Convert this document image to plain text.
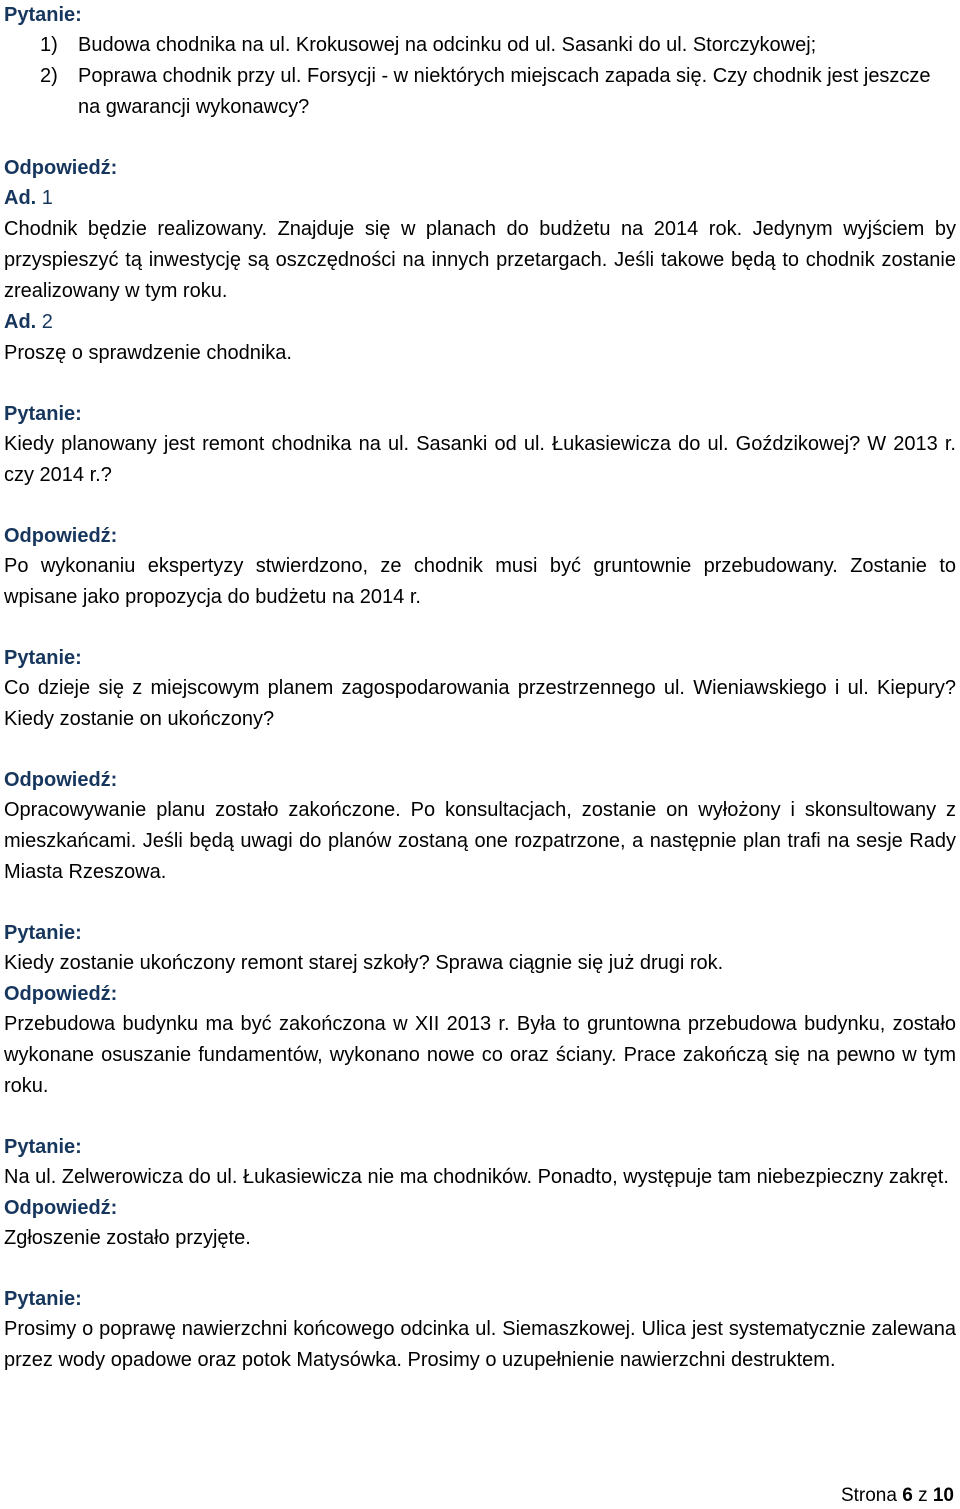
Pytanie:
1) Budowa chodnika na ul. Krokusowej na odcinku od ul. Sasanki do ul. Storczykowej;
2) Poprawa chodnik przy ul. Forsycji - w niektórych miejscach zapada się. Czy chodnik jest jeszcze na gwarancji wykonawcy?
Odpowiedź:
Ad. 1

Chodnik będzie realizowany. Znajduje się w planach do budżetu na 2014 rok. Jedynym wyjściem by przyspieszyć tą inwestycję są oszczędności na innych przetargach. Jeśli takowe będą to chodnik zostanie zrealizowany w tym roku.

Ad. 2

Proszę o sprawdzenie chodnika.

Pytanie:

Kiedy planowany jest remont chodnika na ul. Sasanki od ul. Łukasiewicza do ul. Goździkowej? W 2013 r. czy 2014 r.?

Odpowiedź:

Po wykonaniu ekspertyzy stwierdzono, ze chodnik musi być gruntownie przebudowany. Zostanie to wpisane jako propozycja do budżetu na 2014 r.

Pytanie:

Co dzieje się z miejscowym planem zagospodarowania przestrzennego ul. Wieniawskiego i ul. Kiepury? Kiedy zostanie on ukończony?

Odpowiedź:

Opracowywanie planu zostało zakończone. Po konsultacjach, zostanie on wyłożony i skonsultowany z mieszkańcami. Jeśli będą uwagi do planów zostaną one rozpatrzone, a następnie plan trafi na sesje Rady Miasta Rzeszowa.

Pytanie:

Kiedy zostanie ukończony remont starej szkoły? Sprawa ciągnie się już drugi rok.

Odpowiedź:

Przebudowa budynku ma być zakończona w XII 2013 r. Była to gruntowna przebudowa budynku, zostało wykonane osuszanie fundamentów, wykonano nowe co oraz ściany. Prace zakończą się na pewno w tym roku.

Pytanie:

Na ul. Zelwerowicza do ul. Łukasiewicza nie ma chodników. Ponadto, występuje tam niebezpieczny zakręt.

Odpowiedź:

Zgłoszenie zostało przyjęte.

Pytanie:

Prosimy o poprawę nawierzchni końcowego odcinka ul. Siemaszkowej. Ulica jest systematycznie zalewana przez wody opadowe oraz potok Matysówka. Prosimy o uzupełnienie nawierzchni destruktem.

Strona 6 z 10
